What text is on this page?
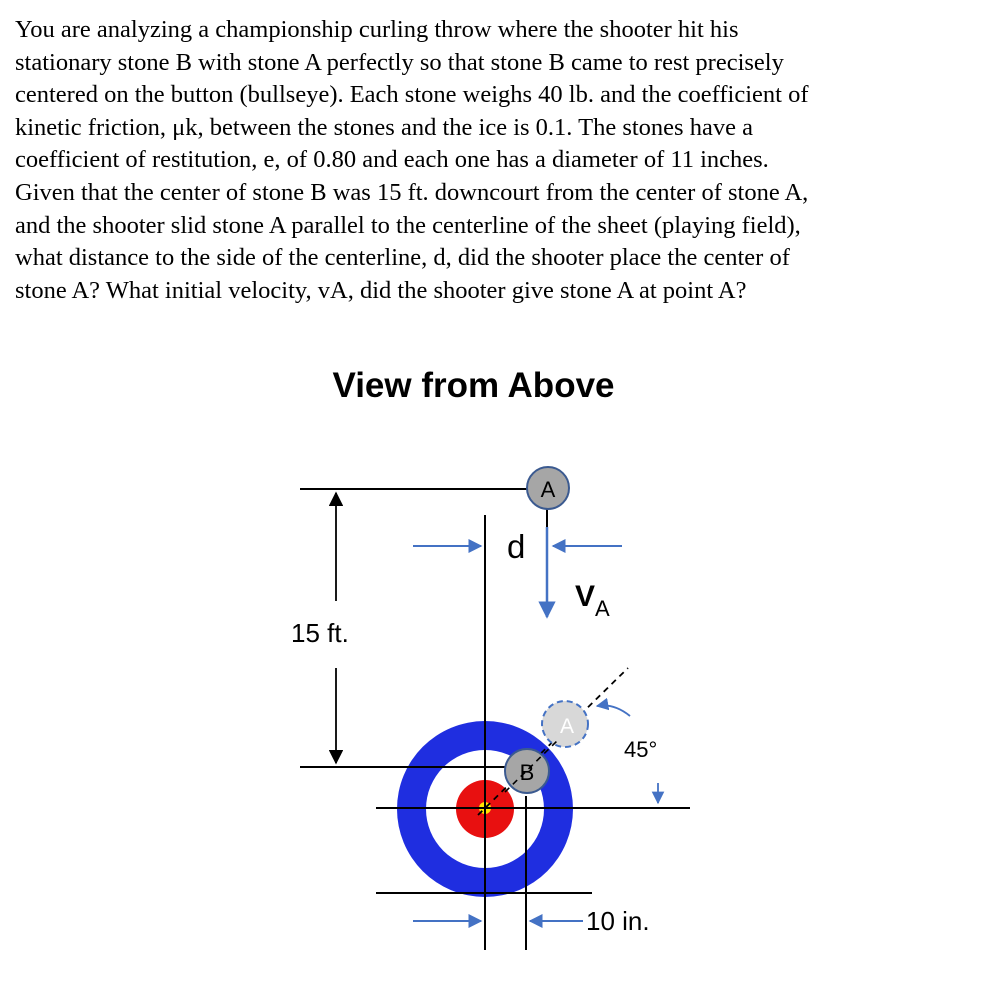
You are analyzing a championship curling throw where the shooter hit his
stationary stone B with stone A perfectly so that stone B came to rest precisely
centered on the button (bullseye). Each stone weighs 40 lb. and the coefficient of
kinetic friction, μk, between the stones and the ice is 0.1. The stones have a
coefficient of restitution, e, of 0.80 and each one has a diameter of 11 inches.
Given that the center of stone B was 15 ft. downcourt from the center of stone A,
and the shooter slid stone A parallel to the centerline of the sheet (playing field),
what distance to the side of the centerline, d, did the shooter place the center of
stone A? What initial velocity, vA, did the shooter give stone A at point A?
View from Above
15 ft.
d
$V_A$
10 in.
A
A
B
45°
